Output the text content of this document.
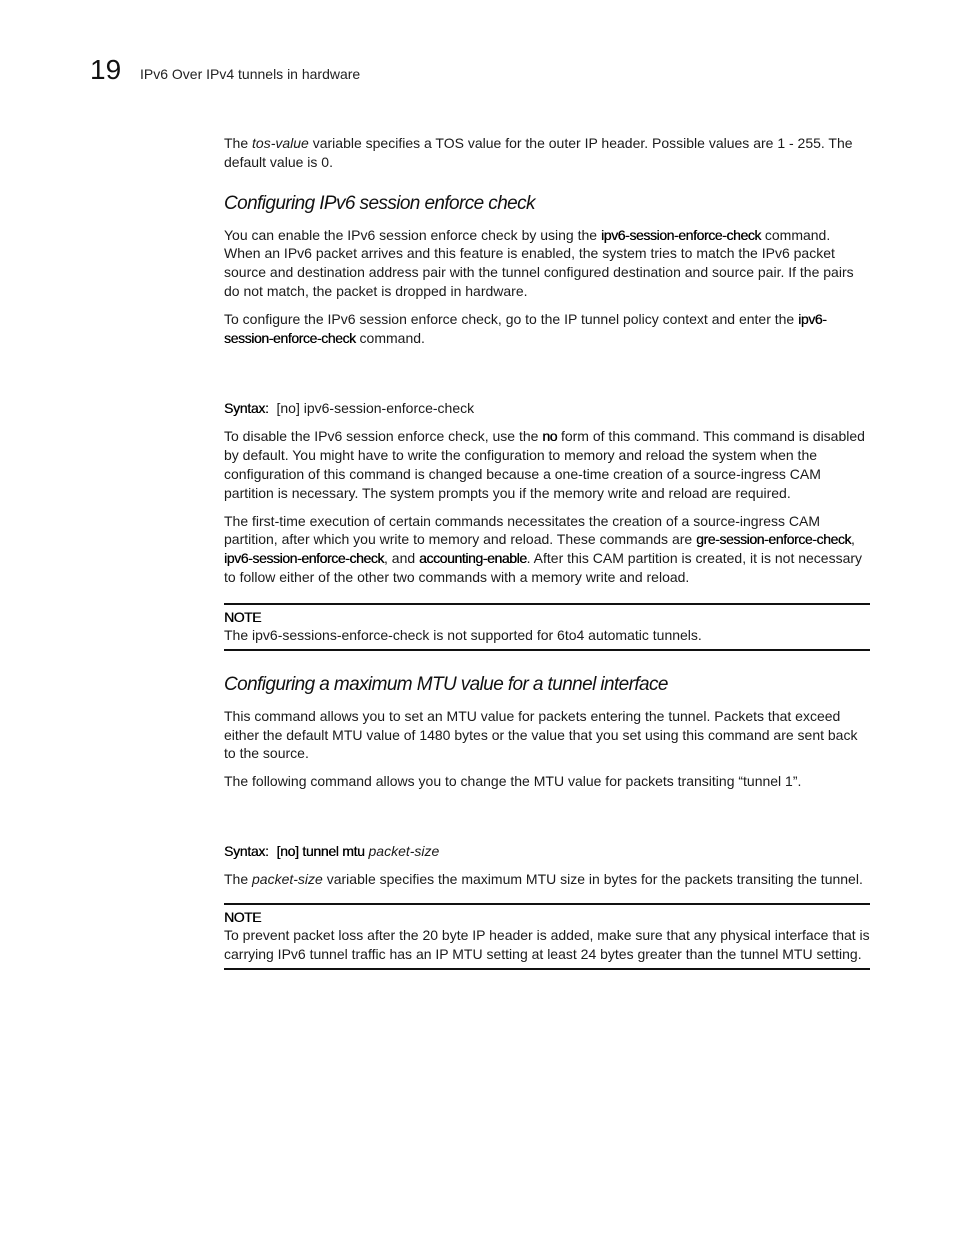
19 IPv6 Over IPv4 tunnels in hardware

The tos-value variable specifies a TOS value for the outer IP header. Possible values are 1 - 255. The default value is 0.

Configuring IPv6 session enforce check

You can enable the IPv6 session enforce check by using the ipv6-session-enforce-check command. When an IPv6 packet arrives and this feature is enabled, the system tries to match the IPv6 packet source and destination address pair with the tunnel configured destination and source pair. If the pairs do not match, the packet is dropped in hardware.

To configure the IPv6 session enforce check, go to the IP tunnel policy context and enter the ipv6-session-enforce-check command.

Syntax: [no] ipv6-session-enforce-check

To disable the IPv6 session enforce check, use the no form of this command. This command is disabled by default. You might have to write the configuration to memory and reload the system when the configuration of this command is changed because a one-time creation of a source-ingress CAM partition is necessary. The system prompts you if the memory write and reload are required.

The first-time execution of certain commands necessitates the creation of a source-ingress CAM partition, after which you write to memory and reload. These commands are gre-session-enforce-check, ipv6-session-enforce-check, and accounting-enable. After this CAM partition is created, it is not necessary to follow either of the other two commands with a memory write and reload.

NOTE

The ipv6-sessions-enforce-check is not supported for 6to4 automatic tunnels.

Configuring a maximum MTU value for a tunnel interface

This command allows you to set an MTU value for packets entering the tunnel. Packets that exceed either the default MTU value of 1480 bytes or the value that you set using this command are sent back to the source.

The following command allows you to change the MTU value for packets transiting “tunnel 1”.

Syntax: [no] tunnel mtu packet-size

The packet-size variable specifies the maximum MTU size in bytes for the packets transiting the tunnel.

NOTE

To prevent packet loss after the 20 byte IP header is added, make sure that any physical interface that is carrying IPv6 tunnel traffic has an IP MTU setting at least 24 bytes greater than the tunnel MTU setting.
